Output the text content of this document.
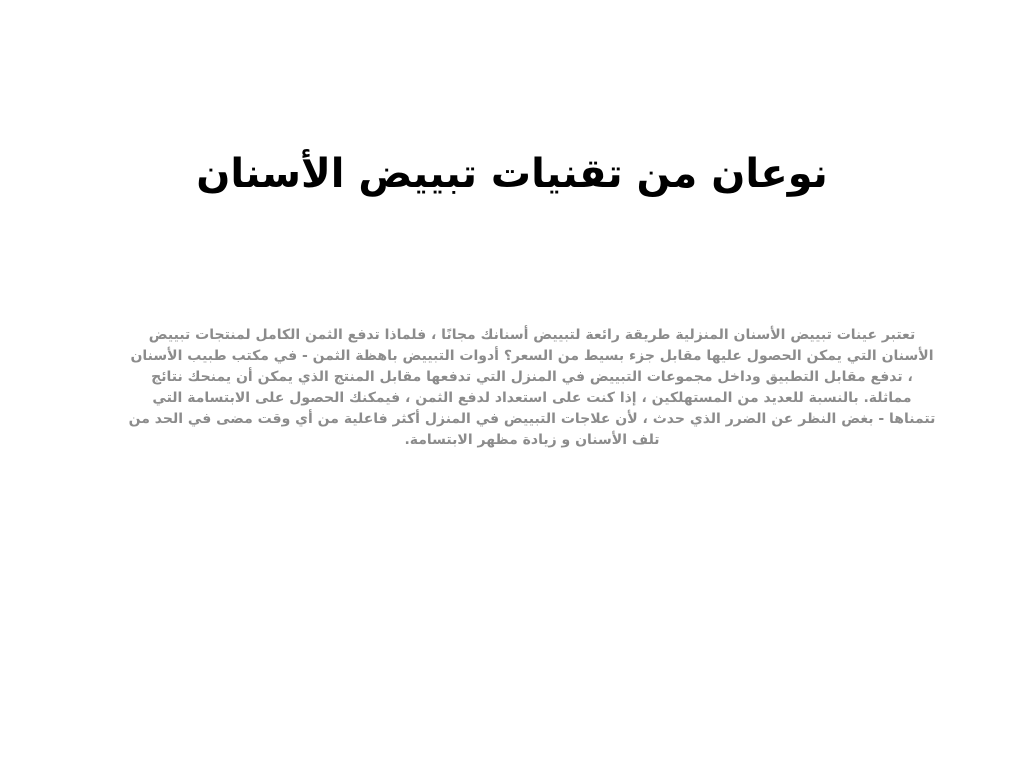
نوعان من تقنيات تبييض الأسنان

تعتبر عينات تبييض الأسنان المنزلية طريقة رائعة لتبييض أسنانك مجانًا ، فلماذا تدفع الثمن الكامل لمنتجات تبييض الأسنان التي يمكن الحصول عليها مقابل جزء بسيط من السعر؟ أدوات التبييض باهظة الثمن - في مكتب طبيب الأسنان ، تدفع مقابل التطبيق وداخل مجموعات التبييض في المنزل التي تدفعها مقابل المنتج الذي يمكن أن يمنحك نتائج مماثلة. بالنسبة للعديد من المستهلكين ، إذا كنت على استعداد لدفع الثمن ، فيمكنك الحصول على الابتسامة التي تتمناها - بغض النظر عن الضرر الذي حدث ، لأن علاجات التبييض في المنزل أكثر فاعلية من أي وقت مضى في الحد من تلف الأسنان و زيادة مظهر الابتسامة.
